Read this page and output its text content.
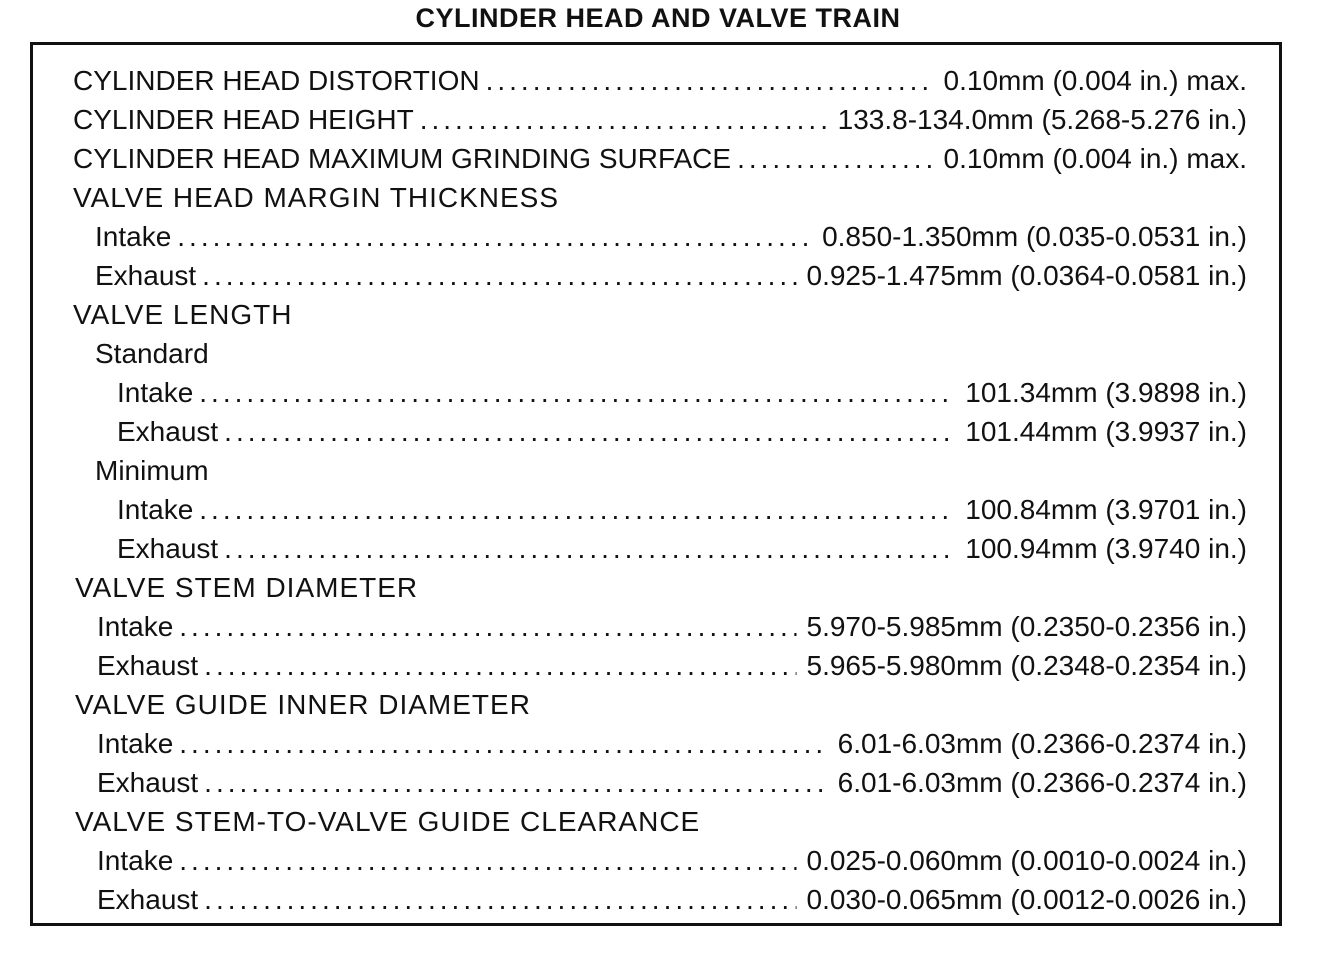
CYLINDER HEAD AND VALVE TRAIN
CYLINDER HEAD DISTORTION .....	0.10mm (0.004 in.) max.
CYLINDER HEAD HEIGHT .....	133.8-134.0mm (5.268-5.276 in.)
CYLINDER HEAD MAXIMUM GRINDING SURFACE .....	0.10mm (0.004 in.) max.
VALVE HEAD MARGIN THICKNESS
Intake .....	0.850-1.350mm (0.035-0.0531 in.)
Exhaust .....	0.925-1.475mm (0.0364-0.0581 in.)
VALVE LENGTH
Standard
Intake .....	101.34mm (3.9898 in.)
Exhaust .....	101.44mm (3.9937 in.)
Minimum
Intake .....	100.84mm (3.9701 in.)
Exhaust .....	100.94mm (3.9740 in.)
VALVE STEM DIAMETER
Intake .....	5.970-5.985mm (0.2350-0.2356 in.)
Exhaust .....	5.965-5.980mm (0.2348-0.2354 in.)
VALVE GUIDE INNER DIAMETER
Intake .....	6.01-6.03mm (0.2366-0.2374 in.)
Exhaust .....	6.01-6.03mm (0.2366-0.2374 in.)
VALVE STEM-TO-VALVE GUIDE CLEARANCE
Intake .....	0.025-0.060mm (0.0010-0.0024 in.)
Exhaust .....	0.030-0.065mm (0.0012-0.0026 in.)
